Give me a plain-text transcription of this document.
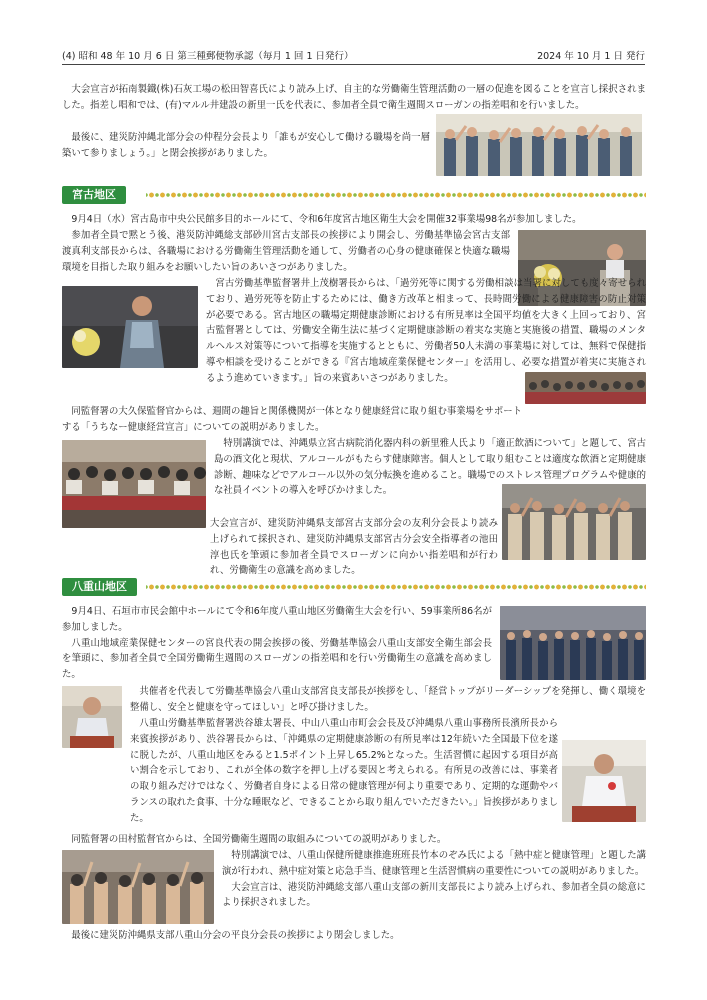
(4) 昭和 48 年 10 月 6 日 第三種郵便物承認（毎月 1 回 1 日発行）	2024 年 10 月 1 日 発行

大会宣言が拓南製鐵(株)石灰工場の松田智喜氏により読み上げ、自主的な労働衛生管理活動の一層の促進を図ることを宣言し採択されました。指差し唱和では、(有)マルル井建設の新里一氏を代表に、参加者全員で衛生週間スローガンの指差唱和を行いました。

最後に、建災防沖縄北部分会の仲程分会長より「誰もが安心して働ける職場を尚一層築いて参りましょう。」と閉会挨拶がありました。

宮古地区

9月4日（水）宮古島市中央公民館多目的ホールにて、令和6年度宮古地区衛生大会を開催32事業場98名が参加しました。

参加者全員で黙とう後、港災防沖縄総支部砂川宮古支部長の挨拶により開会し、労働基準協会宮古支部渡真利支部長からは、各職場における労働衛生管理活動を通して、労働者の心身の健康確保と快適な職場環境を目指した取り組みをお願いしたい旨のあいさつがありました。

宮古労働基準監督署井上茂樹署長からは、「過労死等に関する労働相談は当署に対しても度々寄せられており、過労死等を防止するためには、働き方改革と相まって、長時間労働による健康障害の防止対策が必要である。宮古地区の職場定期健康診断における有所見率は全国平均値を大きく上回っており、宮古監督署としては、労働安全衛生法に基づく定期健康診断の着実な実施と実施後の措置、職場のメンタルヘルス対策等について指導を実施するとともに、労働者50人未満の事業場に対しては、無料で保健指導や相談を受けることができる『宮古地域産業保健センター』を活用し、必要な措置が着実に実施されるよう進めていきます。」旨の来賓あいさつがありました。

同監督署の大久保監督官からは、週間の趣旨と関係機関が一体となり健康経営に取り組む事業場をサポートする「うちなー健康経営宣言」についての説明がありました。

特別講演では、沖縄県立宮古病院消化器内科の新里雅人氏より「適正飲酒について」と題して、宮古島の酒文化と現状、アルコールがもたらす健康障害。個人として取り組むことは適度な飲酒と定期健康診断、趣味などでアルコール以外の気分転換を進めること。職場でのストレス管理プログラムや健康的な社員イベントの導入を呼びかけました。

大会宣言が、建災防沖縄県支部宮古支部分会の友利分会長より読み上げられて採択され、建災防沖縄県支部宮古分会安全指導者の池田淳也氏を筆頭に参加者全員でスローガンに向かい指差唱和が行われ、労働衛生の意識を高めました。

八重山地区

9月4日、石垣市市民会館中ホールにて令和6年度八重山地区労働衛生大会を行い、59事業所86名が参加しました。

八重山地域産業保健センターの宮良代表の開会挨拶の後、労働基準協会八重山支部安全衛生部会長を筆頭に、参加者全員で全国労働衛生週間のスローガンの指差唱和を行い労働衛生の意識を高めました。

共催者を代表して労働基準協会八重山支部宮良支部長が挨拶をし、「経営トップがリーダーシップを発揮し、働く環境を整備し、安全と健康を守ってほしい」と呼び掛けました。

八重山労働基準監督署渋谷雄太署長、中山八重山市町会会長及び沖縄県八重山事務所長濱所長から来賓挨拶があり、渋谷署長からは、「沖縄県の定期健康診断の有所見率は12年続いた全国最下位を遂に脱したが、八重山地区をみると1.5ポイント上昇し65.2%となった。生活習慣に起因する項目が高い割合を示しており、これが全体の数字を押し上げる要因と考えられる。有所見の改善には、事業者の取り組みだけではなく、労働者自身による日常の健康管理が何より重要であり、定期的な運動やバランスの取れた食事、十分な睡眠など、できることから取り組んでいただきたい。」旨挨拶がありました。

同監督署の田村監督官からは、全国労働衛生週間の取組みについての説明がありました。

特別講演では、八重山保健所健康推進班班長竹本のぞみ氏による「熱中症と健康管理」と題した講演が行われ、熱中症対策と応急手当、健康管理と生活習慣病の重要性についての説明がありました。

大会宣言は、港災防沖縄総支部八重山支部の新川支部長により読み上げられ、参加者全員の総意により採択されました。

最後に建災防沖縄県支部八重山分会の平良分会長の挨拶により閉会しました。
